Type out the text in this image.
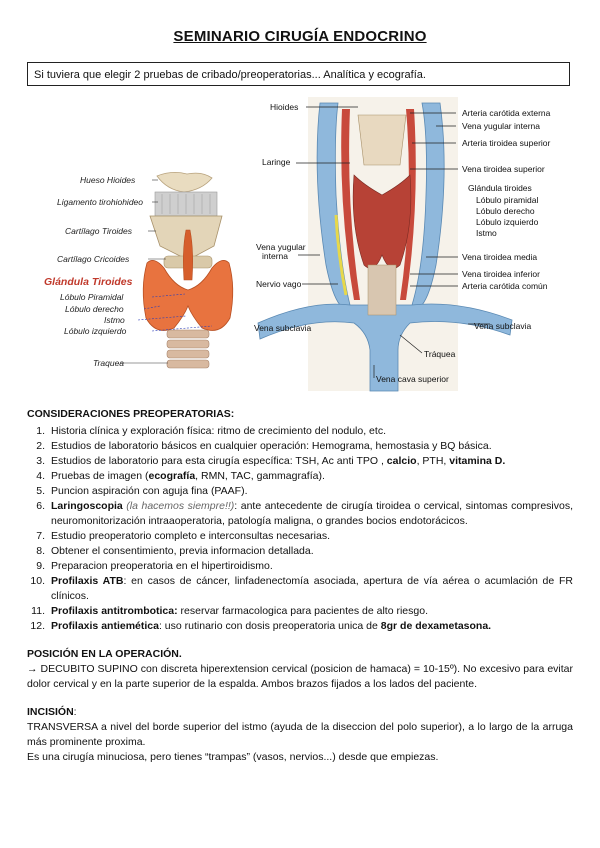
SEMINARIO CIRUGÍA ENDOCRINO
Si tuviera que elegir 2 pruebas de cribado/preoperatorias... Analítica y ecografía.
Hueso Hioides
Ligamento tirohiohideo
Cartílago Tiroides
Cartílago Cricoides
Glándula Tiroides
Lóbulo Piramidal
Lóbulo derecho
Istmo
Lóbulo izquierdo
Traquea
Hioides
Laringe
Vena yugular
interna
Nervio vago
Vena subclavia
Arteria carótida externa
Vena yugular interna
Arteria tiroidea superior
Vena tiroidea superior
Glándula tiroides
Lóbulo piramidal
Lóbulo derecho
Lóbulo izquierdo
Istmo
Vena tiroidea media
Vena tiroidea inferior
Arteria carótida común
Vena subclavia
Tráquea
Vena cava superior

CONSIDERACIONES PREOPERATORIAS:

1. Historia clínica y exploración física: ritmo de crecimiento del nodulo, etc.
2. Estudios de laboratorio básicos en cualquier operación: Hemograma, hemostasia y BQ básica.
3. Estudios de laboratorio para esta cirugía específica: TSH, Ac anti TPO , calcio, PTH, vitamina D.
4. Pruebas de imagen (ecografía, RMN, TAC, gammagrafía).
5. Puncion aspiración con aguja fina (PAAF).
6. Laringoscopia (la hacemos siempre!!): ante antecedente de cirugía tiroidea o cervical, sintomas compresivos, neuromonitorización intraaoperatoria, patología maligna, o grandes bocios endotorácicos.
7. Estudio preoperatorio completo e interconsultas necesarias.
8. Obtener el consentimiento, previa informacion detallada.
9. Preparacion preoperatoria en el hipertiroidismo.
10. Profilaxis ATB: en casos de cáncer, linfadenectomía asociada, apertura de vía aérea o acumlación de FR clínicos.
11. Profilaxis antitrombotica: reservar farmacologica para pacientes de alto riesgo.
12. Profilaxis antiemética: uso rutinario con dosis preoperatoria unica de 8gr de dexametasona.

POSICIÓN EN LA OPERACIÓN.

→ DECUBITO SUPINO con discreta hiperextension cervical (posicion de hamaca) = 10-15º). No excesivo para evitar dolor cervical y en la parte superior de la espalda. Ambos brazos fijados a los lados del paciente.

INCISIÓN:

TRANSVERSA a nivel del borde superior del istmo (ayuda de la diseccion del polo superior), a lo largo de la arruga más prominente proxima.

Es una cirugía minuciosa, pero tienes “trampas” (vasos, nervios...) desde que empiezas.
